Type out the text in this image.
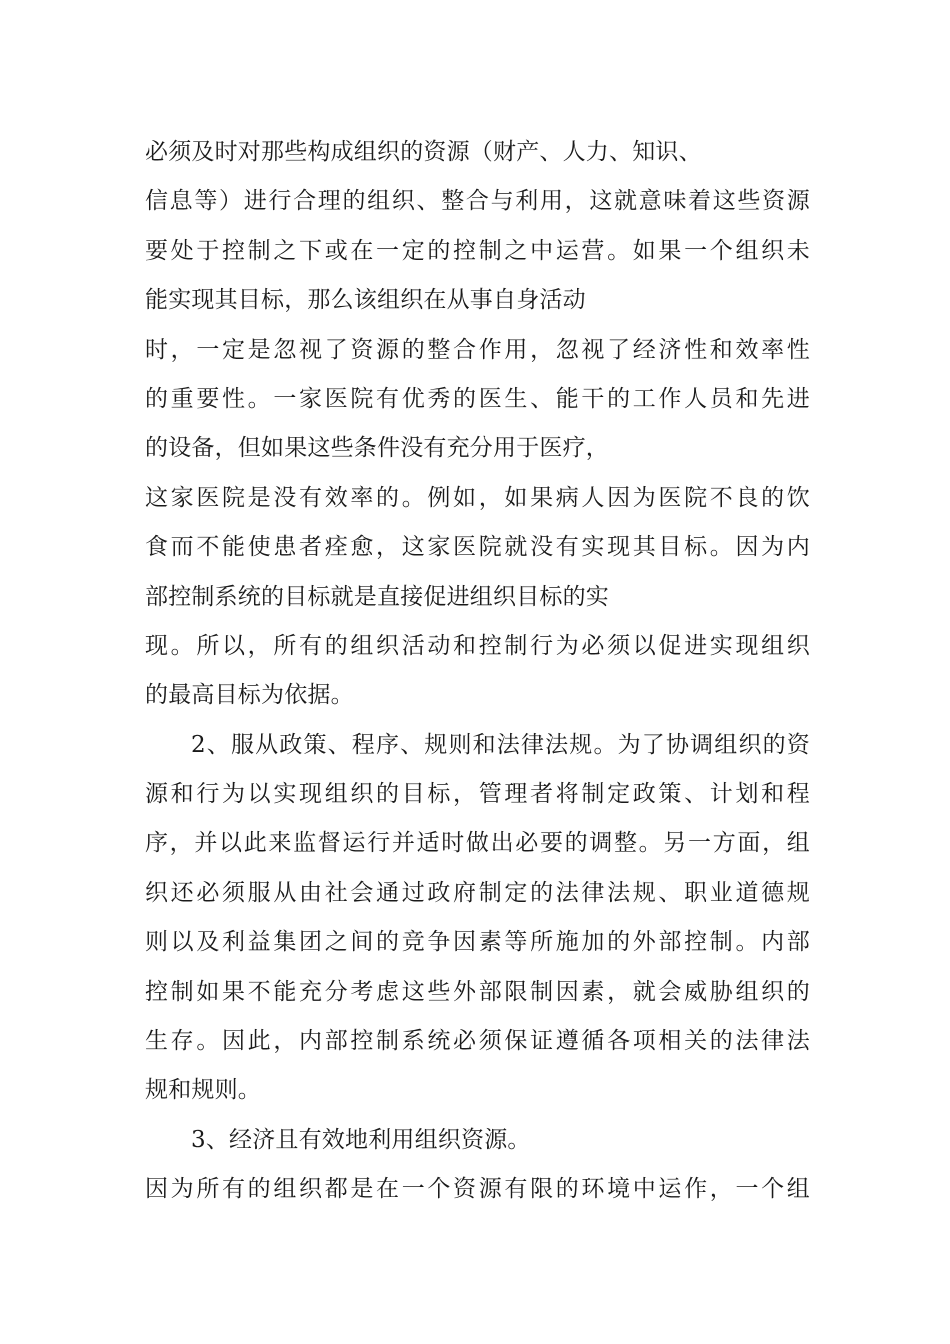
必须及时对那些构成组织的资源（财产、人力、知识、
信息等）进行合理的组织、整合与利用，这就意味着这些资源
要处于控制之下或在一定的控制之中运营。如果一个组织未
能实现其目标，那么该组织在从事自身活动
时，一定是忽视了资源的整合作用，忽视了经济性和效率性
的重要性。一家医院有优秀的医生、能干的工作人员和先进
的设备，但如果这些条件没有充分用于医疗，
这家医院是没有效率的。例如，如果病人因为医院不良的饮
食而不能使患者痊愈，这家医院就没有实现其目标。因为内
部控制系统的目标就是直接促进组织目标的实
现。所以，所有的组织活动和控制行为必须以促进实现组织
的最高目标为依据。
2、服从政策、程序、规则和法律法规。为了协调组织的资
源和行为以实现组织的目标，管理者将制定政策、计划和程
序，并以此来监督运行并适时做出必要的调整。另一方面，组
织还必须服从由社会通过政府制定的法律法规、职业道德规
则以及利益集团之间的竞争因素等所施加的外部控制。内部
控制如果不能充分考虑这些外部限制因素，就会威胁组织的
生存。因此，内部控制系统必须保证遵循各项相关的法律法
规和规则。
3、经济且有效地利用组织资源。
因为所有的组织都是在一个资源有限的环境中运作，一个组
